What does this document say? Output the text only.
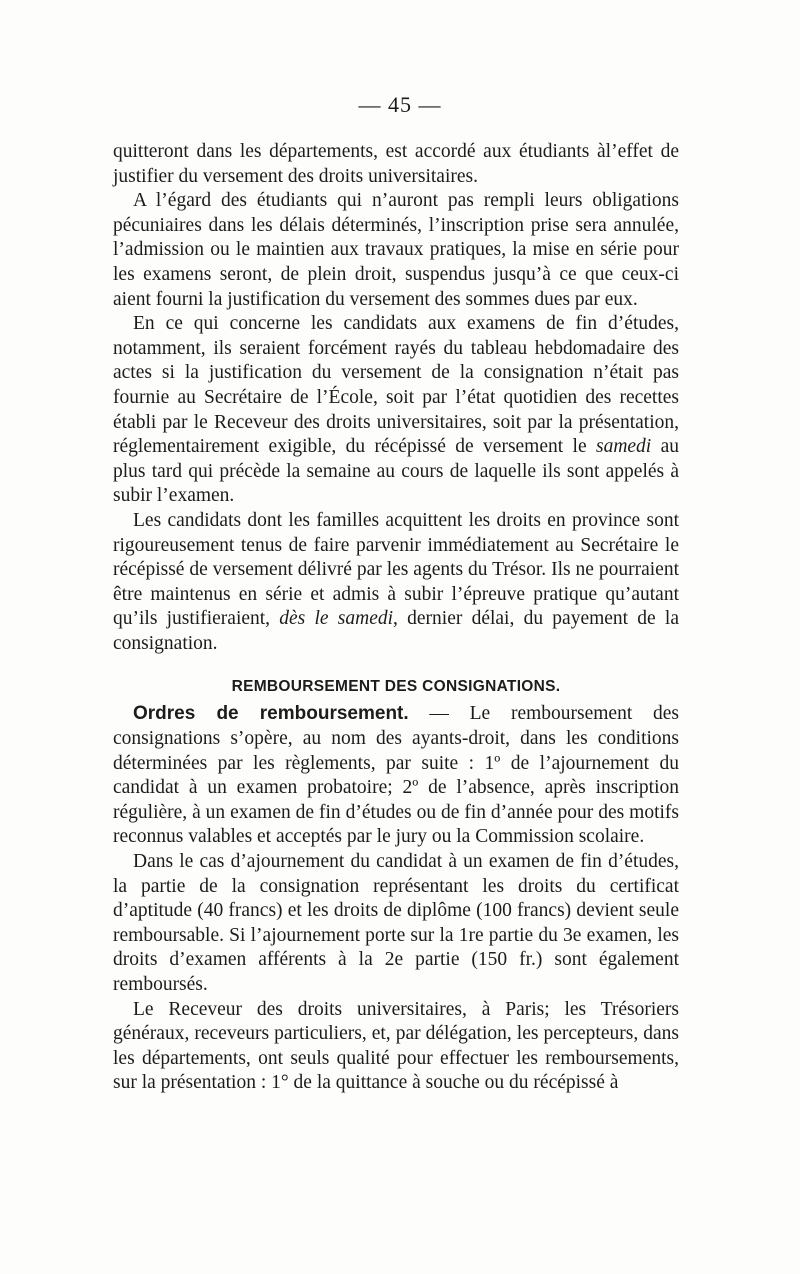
— 45 —

quitteront dans les départements, est accordé aux étudiants àl’effet de justifier du versement des droits universitaires.

A l’égard des étudiants qui n’auront pas rempli leurs obligations pécuniaires dans les délais déterminés, l’inscription prise sera annulée, l’admission ou le maintien aux travaux pratiques, la mise en série pour les examens seront, de plein droit, suspendus jusqu’à ce que ceux-ci aient fourni la justification du versement des sommes dues par eux.

En ce qui concerne les candidats aux examens de fin d’études, notamment, ils seraient forcément rayés du tableau hebdomadaire des actes si la justification du versement de la consignation n’était pas fournie au Secrétaire de l’École, soit par l’état quotidien des recettes établi par le Receveur des droits universitaires, soit par la présentation, réglementairement exigible, du récépissé de versement le samedi au plus tard qui précède la semaine au cours de laquelle ils sont appelés à subir l’examen.

Les candidats dont les familles acquittent les droits en province sont rigoureusement tenus de faire parvenir immédiatement au Secrétaire le récépissé de versement délivré par les agents du Trésor. Ils ne pourraient être maintenus en série et admis à subir l’épreuve pratique qu’autant qu’ils justifieraient, dès le samedi, dernier délai, du payement de la consignation.

REMBOURSEMENT DES CONSIGNATIONS.

Ordres de remboursement. — Le remboursement des consignations s’opère, au nom des ayants-droit, dans les conditions déterminées par les règlements, par suite : 1º de l’ajournement du candidat à un examen probatoire; 2º de l’absence, après inscription régulière, à un examen de fin d’études ou de fin d’année pour des motifs reconnus valables et acceptés par le jury ou la Commission scolaire.

Dans le cas d’ajournement du candidat à un examen de fin d’études, la partie de la consignation représentant les droits du certificat d’aptitude (40 francs) et les droits de diplôme (100 francs) devient seule remboursable. Si l’ajournement porte sur la 1re partie du 3e examen, les droits d’examen afférents à la 2e partie (150 fr.) sont également remboursés.

Le Receveur des droits universitaires, à Paris; les Trésoriers généraux, receveurs particuliers, et, par délégation, les percepteurs, dans les départements, ont seuls qualité pour effectuer les remboursements, sur la présentation : 1° de la quittance à souche ou du récépissé à
